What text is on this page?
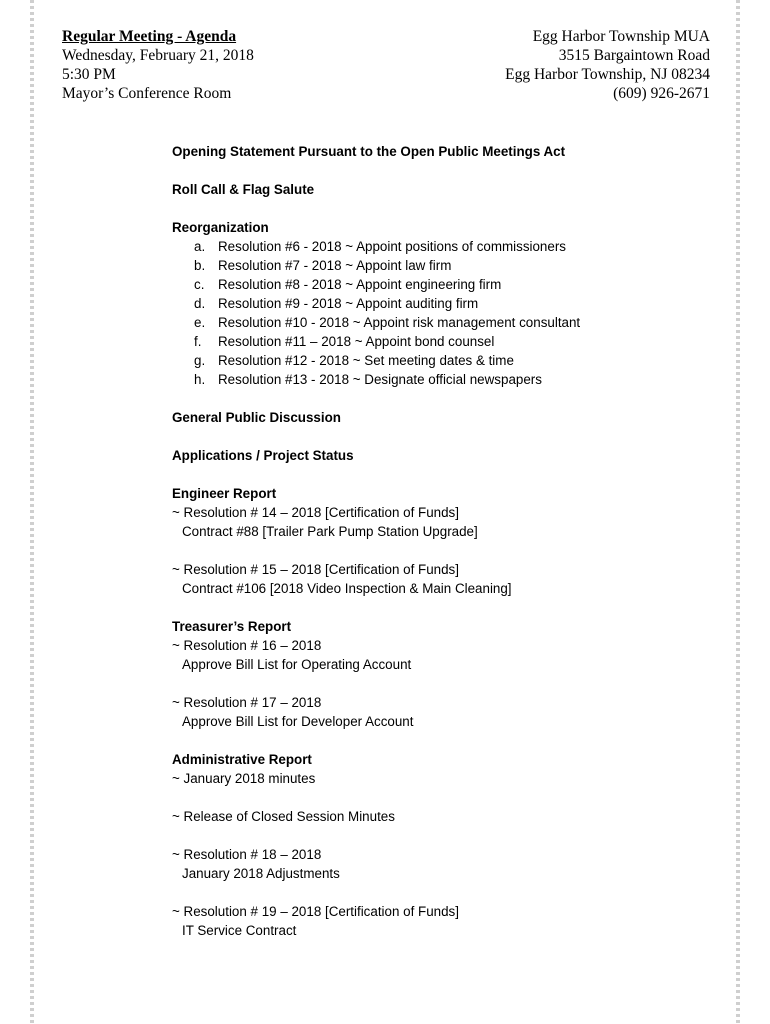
Regular Meeting - Agenda
Wednesday, February 21, 2018
5:30 PM
Mayor’s Conference Room
Egg Harbor Township MUA
3515 Bargaintown Road
Egg Harbor Township, NJ 08234
(609) 926-2671
Opening Statement Pursuant to the Open Public Meetings Act
Roll Call & Flag Salute
Reorganization
a. Resolution #6 - 2018 ~ Appoint positions of commissioners
b. Resolution #7 - 2018 ~ Appoint law firm
c.	Resolution #8 - 2018 ~ Appoint engineering firm
d. Resolution #9 - 2018 ~ Appoint auditing firm
e. Resolution #10 - 2018 ~ Appoint risk management consultant
f.	Resolution #11 – 2018 ~ Appoint bond counsel
g. Resolution #12 - 2018 ~ Set meeting dates & time
h. Resolution #13 - 2018 ~ Designate official newspapers
General Public Discussion
Applications / Project Status
Engineer Report
~ Resolution # 14 – 2018 [Certification of Funds]
Contract #88 [Trailer Park Pump Station Upgrade]
~ Resolution # 15 – 2018 [Certification of Funds]
Contract #106 [2018 Video Inspection & Main Cleaning]
Treasurer’s Report
~ Resolution # 16 – 2018
Approve Bill List for Operating Account
~ Resolution # 17 – 2018
Approve Bill List for Developer Account
Administrative Report
~ January 2018 minutes
~ Release of Closed Session Minutes
~ Resolution # 18 – 2018
January 2018 Adjustments
~ Resolution # 19 – 2018 [Certification of Funds]
IT Service Contract
